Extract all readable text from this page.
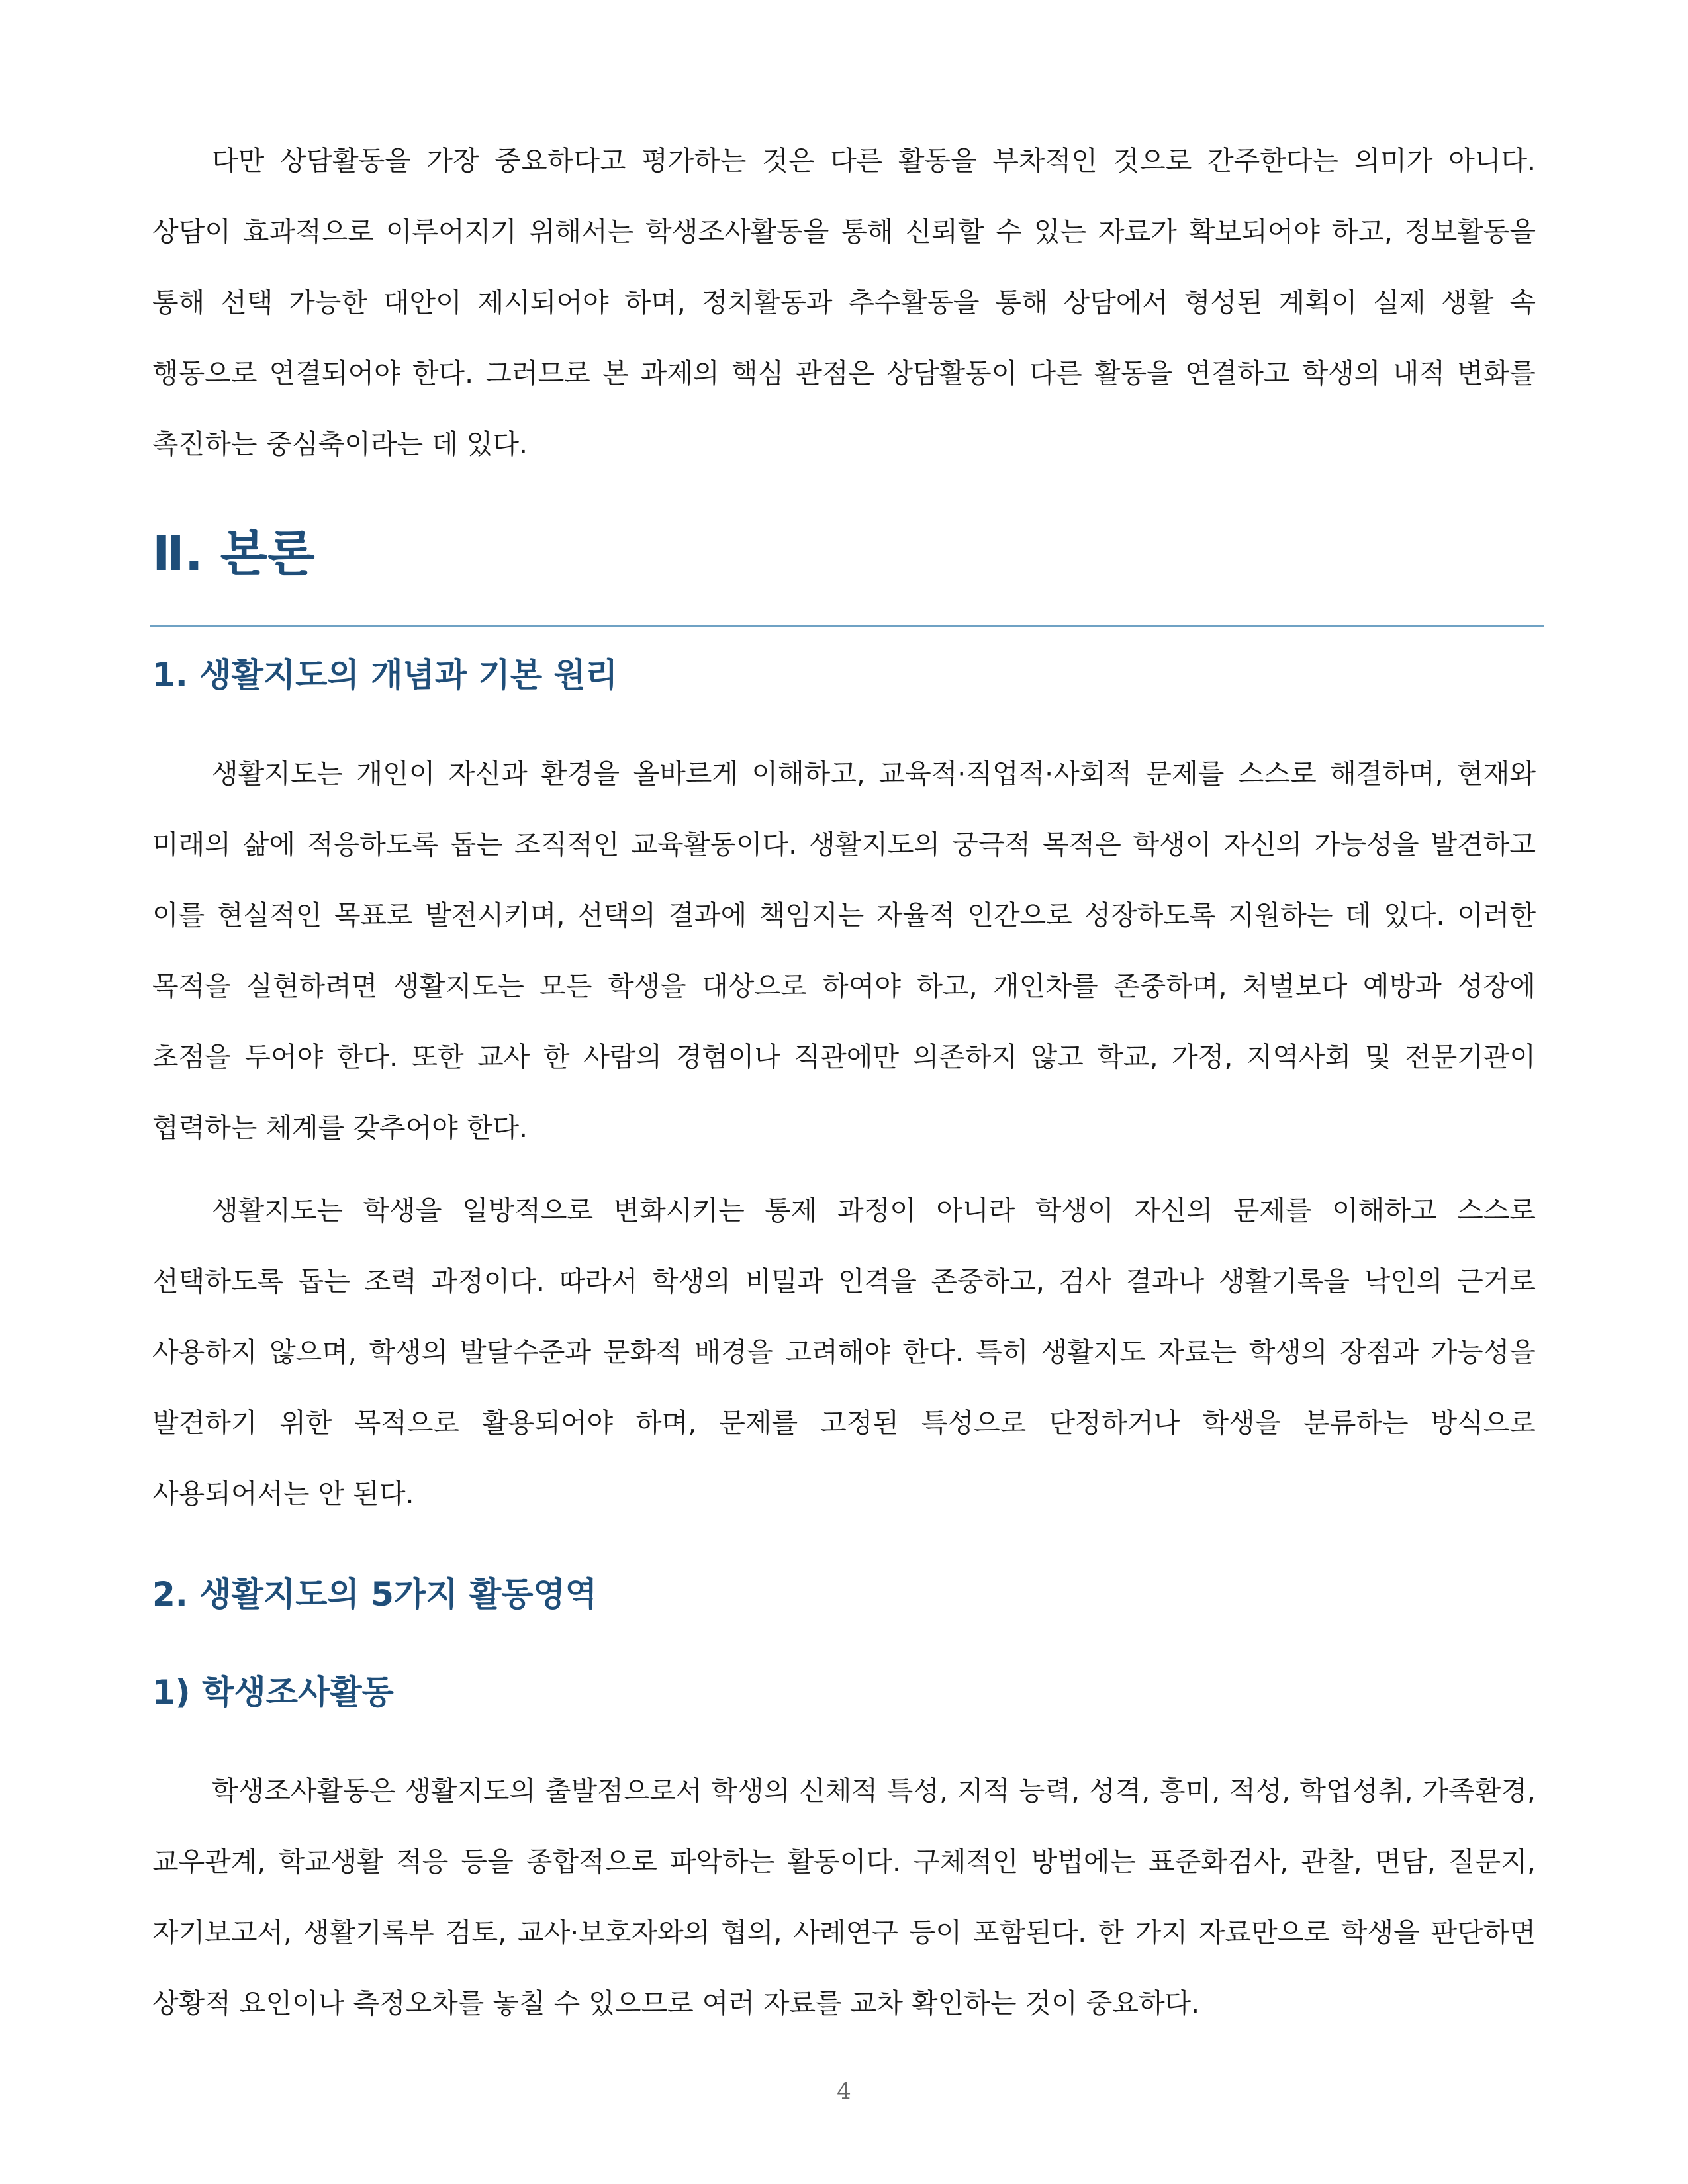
다만 상담활동을 가장 중요하다고 평가하는 것은 다른 활동을 부차적인 것으로 간주한다는 의미가 아니다. 상담이 효과적으로 이루어지기 위해서는 학생조사활동을 통해 신뢰할 수 있는 자료가 확보되어야 하고, 정보활동을 통해 선택 가능한 대안이 제시되어야 하며, 정치활동과 추수활동을 통해 상담에서 형성된 계획이 실제 생활 속 행동으로 연결되어야 한다. 그러므로 본 과제의 핵심 관점은 상담활동이 다른 활동을 연결하고 학생의 내적 변화를 촉진하는 중심축이라는 데 있다.

Ⅱ. 본론
1. 생활지도의 개념과 기본 원리

생활지도는 개인이 자신과 환경을 올바르게 이해하고, 교육적·직업적·사회적 문제를 스스로 해결하며, 현재와 미래의 삶에 적응하도록 돕는 조직적인 교육활동이다. 생활지도의 궁극적 목적은 학생이 자신의 가능성을 발견하고 이를 현실적인 목표로 발전시키며, 선택의 결과에 책임지는 자율적 인간으로 성장하도록 지원하는 데 있다. 이러한 목적을 실현하려면 생활지도는 모든 학생을 대상으로 하여야 하고, 개인차를 존중하며, 처벌보다 예방과 성장에 초점을 두어야 한다. 또한 교사 한 사람의 경험이나 직관에만 의존하지 않고 학교, 가정, 지역사회 및 전문기관이 협력하는 체계를 갖추어야 한다.

생활지도는 학생을 일방적으로 변화시키는 통제 과정이 아니라 학생이 자신의 문제를 이해하고 스스로 선택하도록 돕는 조력 과정이다. 따라서 학생의 비밀과 인격을 존중하고, 검사 결과나 생활기록을 낙인의 근거로 사용하지 않으며, 학생의 발달수준과 문화적 배경을 고려해야 한다. 특히 생활지도 자료는 학생의 장점과 가능성을 발견하기 위한 목적으로 활용되어야 하며, 문제를 고정된 특성으로 단정하거나 학생을 분류하는 방식으로 사용되어서는 안 된다.

2. 생활지도의 5가지 활동영역
1) 학생조사활동

학생조사활동은 생활지도의 출발점으로서 학생의 신체적 특성, 지적 능력, 성격, 흥미, 적성, 학업성취, 가족환경, 교우관계, 학교생활 적응 등을 종합적으로 파악하는 활동이다. 구체적인 방법에는 표준화검사, 관찰, 면담, 질문지, 자기보고서, 생활기록부 검토, 교사·보호자와의 협의, 사례연구 등이 포함된다. 한 가지 자료만으로 학생을 판단하면 상황적 요인이나 측정오차를 놓칠 수 있으므로 여러 자료를 교차 확인하는 것이 중요하다.

4
